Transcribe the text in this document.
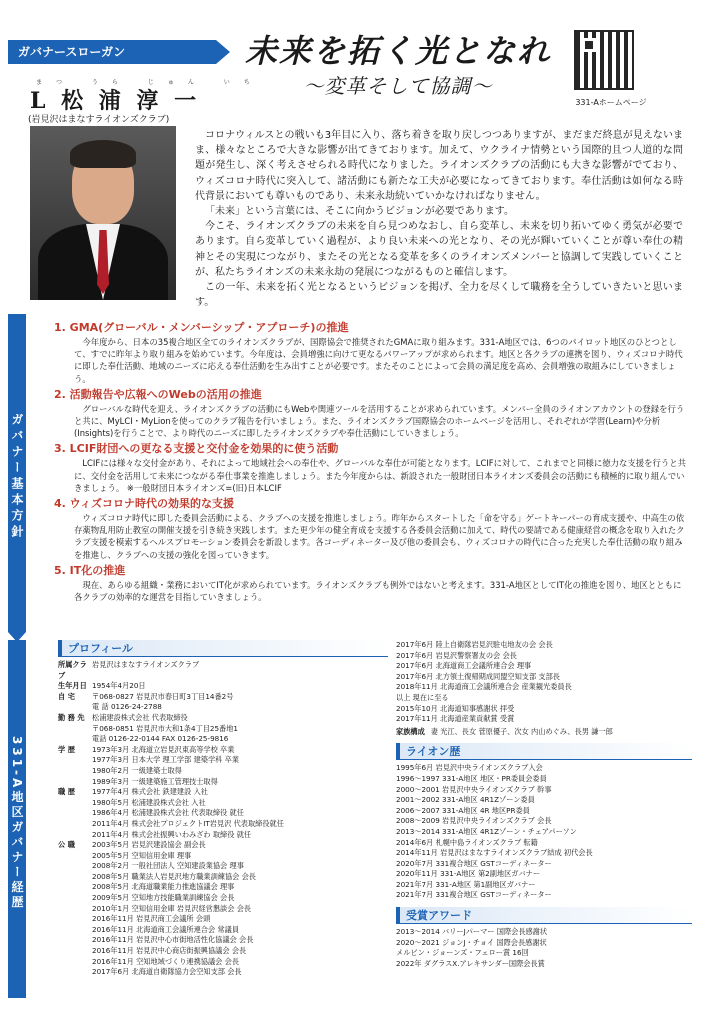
ガバナースローガン	未来を拓く光となれ
〜変革そして協調〜
331-Aホームページ
まつ うら じゅん いち
L 松 浦 淳 一
(岩見沢はまなすライオンズクラブ)

コロナウィルスとの戦いも3年目に入り、落ち着きを取り戻しつつありますが、まだまだ終息が見えないまま、様々なところで大きな影響が出てきております。加えて、ウクライナ情勢という国際的且つ人道的な問題が発生し、深く考えさせられる時代になりました。ライオンズクラブの活動にも大きな影響がでており、ウィズコロナ時代に突入して、諸活動にも新たな工夫が必要になってきております。奉仕活動は如何なる時代背景においても尊いものであり、未来永劫続いていかなければなりません。

「未来」という言葉には、そこに向かうビジョンが必要であります。

今こそ、ライオンズクラブの未来を自ら見つめなおし、自ら変革し、未来を切り拓いてゆく勇気が必要であります。自ら変革していく過程が、より良い未来への光となり、その光が輝いていくことが尊い奉仕の精神とその実現につながり、またその光となる変革を多くのライオンズメンバーと協調して実践していくことが、私たちライオンズの未来永劫の発展につながるものと確信します。

この一年、未来を拓く光となるというビジョンを掲げ、全力を尽くして職務を全うしていきたいと思います。

ガバナー基本方針
1. GMA(グローバル・メンバーシップ・アプローチ)の推進
今年度から、日本の35複合地区全てのライオンズクラブが、国際協会で推奨されたGMAに取り組みます。331-A地区では、6つのパイロット地区のひとつとして、すでに昨年より取り組みを始めています。今年度は、会員増強に向けて更なるパワーアップが求められます。地区と各クラブの連携を図り、ウィズコロナ時代に即した奉仕活動、地域のニーズに応える奉仕活動を生み出すことが必要です。またそのことによって会員の満足度を高め、会員増強の取組みにしていきましょう。
2. 活動報告や広報へのWebの活用の推進
グローバルな時代を迎え、ライオンズクラブの活動にもWebや関連ツールを活用することが求められています。メンバー全員のライオンアカウントの登録を行うと共に、MyLCI・MyLionを使ってのクラブ報告を行いましょう。また、ライオンズクラブ国際協会のホームページを活用し、それぞれが学習(Learn)や分析(Insights)を行うことで、より時代のニーズに即したライオンズクラブや奉仕活動にしていきましょう。
3. LCIF財団への更なる支援と交付金を効果的に使う活動
LCIFには様々な交付金があり、それによって地域社会への奉仕や、グローバルな奉仕が可能となります。LCIFに対して、これまでと同様に徳力な支援を行うと共に、交付金を活用して未来につながる奉仕事業を推進しましょう。また今年度からは、新設された一般財団日本ライオンズ委員会の活動にも積極的に取り組んでいきましょう。 ※一般財団日本ライオンズ=(旧)日本LCIF
4. ウィズコロナ時代の効果的な支援
ウィズコロナ時代に即した委員会活動による、クラブへの支援を推進しましょう。昨年からスタートした「命を守る」ゲートキーパーの育成支援や、中高生の依存薬物乱用防止教室の開催支援を引き続き実践します。また更少年の健全育成を支援する各委員会活動に加えて、時代の要請である健康経営の概念を取り入れたクラブ支援を模索するヘルスプロモーション委員会を新設します。各コーディネーター及び他の委員会も、ウィズコロナの時代に合った充実した奉仕活動の取り組みを推進し、クラブへの支援の強化を図っていきます。
5. IT化の推進
現在、あらゆる組織・業務においてIT化が求められています。ライオンズクラブも例外ではないと考えます。331-A地区としてIT化の推進を図り、地区とともに各クラブの効率的な運営を目指していきましょう。
331-A地区ガバナー経歴
プロフィール
所属クラブ
岩見沢はまなすライオンズクラブ
生年月日 1954年4月20日
自 宅	〒068-0827 岩見沢市春日町3丁目14番2号
電 話 0126-24-2788
勤 務 先	松浦建設株式会社 代表取締役
〒068-0851 岩見沢市大和1条4丁目25番地1
電話 0126-22-0144 FAX 0126-25-9816
学 歴	1973年3月 北海道立岩見沢東高等学校 卒業
1977年3月 日本大学 理工学部 建築学科 卒業
1980年2月 一級建築士取得
1989年3月 一級建築施工管理技士取得
職 歴	1977年4月 株式会社 鉄建建設 入社
1980年5月 松浦建設株式会社 入社
1986年4月 松浦建設株式会社 代表取締役 就任
2011年4月 株式会社プロジェクトIT岩見沢 代表取締役就任
2011年4月 株式会社振興いわみざわ 取締役 就任
公 職	2003年5月 岩見沢建設協会 副会長
2005年5月 空知信用金庫 理事
2008年2月 一般社団法人 空知建設業協会 理事
2008年5月 職業法人岩見沢地方職業訓練協会 会長
2008年5月 北海道職業能力推進協議会 理事
2009年5月 空知地方技能職業訓練協会 会長
2010年1月 空知信用金庫 岩見沢経営懇談会 会長
2016年11月 岩見沢商工会議所 会頭
2016年11月 北海道商工会議所連合会 常議員
2016年11月 岩見沢中心市街地活性化協議会 会長
2016年11月 岩見沢中心商店街振興協議会 会長
2016年11月 空知地域づくり連携協議会 会長
2017年6月 北海道自衛隊協力会空知支部 会長
2017年6月 陸上自衛隊岩見沢駐屯地友の会 会長
2017年6月 岩見沢警察署友の会 会長
2017年6月 北海道商工会議所連合会 理事
2017年6月 北方領土復帰期成同盟空知支部 支部長
2018年11月 北海道商工会議所連合会 産業観光委員長
以上 現在に至る
2015年10月 北海道知事感謝状 拝受
2017年11月 北海道産業貢献賞 受賞
家族構成 妻 光江、長女 菅原優子、次女 内山めぐみ、長男 謙一郎
ライオン歴
1995年6月 岩見沢中央ライオンズクラブ入会
1996〜1997 331-A地区 地区・PR委員会委員
2000〜2001 岩見沢中央ライオンズクラブ 幹事
2001〜2002 331-A地区 4R1Zゾーン委員
2006〜2007 331-A地区 4R 地区PR委員
2008〜2009 岩見沢中央ライオンズクラブ 会長
2013〜2014 331-A地区 4R1Zゾーン・チェアパーソン
2014年6月 札幌中島ライオンズクラブ 転籍
2014年11月 岩見沢はまなすライオンズクラブ結成 初代会長
2020年7月 331複合地区 GSTコーディネーター
2020年11月 331-A地区 第2副地区ガバナー
2021年7月 331-A地区 第1副地区ガバナー
2021年7月 331複合地区 GSTコーディネーター
受賞アワード
2013〜2014 バリーJパーマー 国際会長感謝状
2020〜2021 ジョンJ・チョイ 国際会長感謝状
メルビン・ジョーンズ・フェロー賞 16回
2022年 ダグラスX.アレキサンダー国際会長賞
